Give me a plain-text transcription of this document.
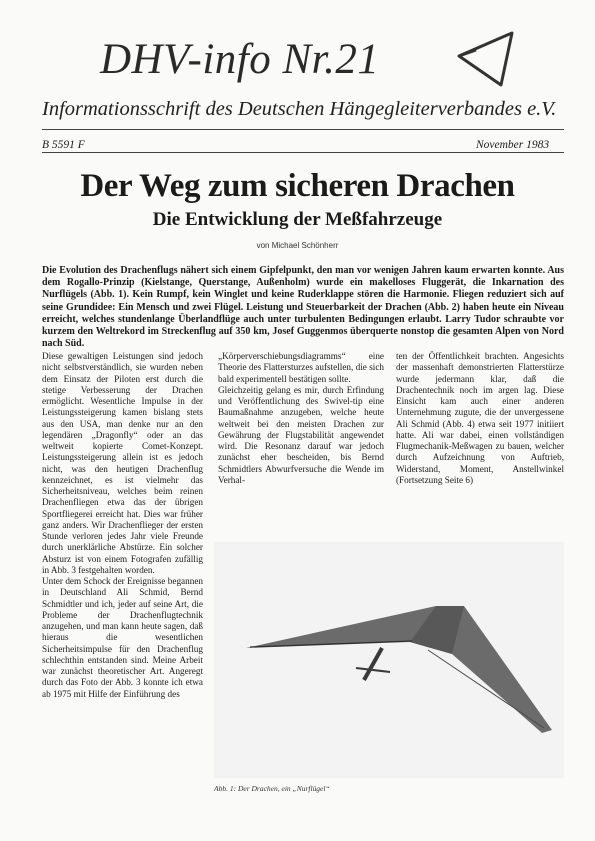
DHV-info Nr.21
Informationsschrift des Deutschen Hängegleiterverbandes e.V.
B 5591 F	November 1983
Der Weg zum sicheren Drachen
Die Entwicklung der Meßfahrzeuge
von Michael Schönherr
Die Evolution des Drachenflugs nähert sich einem Gipfelpunkt, den man vor wenigen Jahren kaum erwarten konnte. Aus dem Rogallo-Prinzip (Kielstange, Querstange, Außenholm) wurde ein makelloses Fluggerät, die Inkarnation des Nurflügels (Abb. 1). Kein Rumpf, kein Winglet und keine Ruderklappe stören die Harmonie. Fliegen reduziert sich auf seine Grundidee: Ein Mensch und zwei Flügel. Leistung und Steuerbarkeit der Drachen (Abb. 2) haben heute ein Niveau erreicht, welches stundenlange Überlandflüge auch unter turbulenten Bedingungen erlaubt. Larry Tudor schraubte vor kurzem den Weltrekord im Streckenflug auf 350 km, Josef Guggenmos überquerte nonstop die gesamten Alpen von Nord nach Süd.
Diese gewaltigen Leistungen sind jedoch nicht selbstverständlich, sie wurden neben dem Einsatz der Piloten erst durch die stetige Verbesserung der Drachen ermöglicht. Wesentliche Impulse in der Leistungssteigerung kamen bislang stets aus den USA, man denke nur an den legendären „Dragonfly“ oder an das weltweit kopierte Comet-Konzept. Leistungssteigerung allein ist es jedoch nicht, was den heutigen Drachenflug kennzeichnet, es ist vielmehr das Sicherheitsniveau, welches beim reinen Drachenfliegen etwa das der übrigen Sportfliegerei erreicht hat. Dies war früher ganz anders. Wir Drachenflieger der ersten Stunde verloren jedes Jahr viele Freunde durch unerklärliche Abstürze. Ein solcher Absturz ist von einem Fotografen zufällig in Abb. 3 festgehalten worden.
Unter dem Schock der Ereignisse begannen in Deutschland Ali Schmid, Bernd Schmidtler und ich, jeder auf seine Art, die Probleme der Drachenflugtechnik anzugehen, und man kann heute sagen, daß hieraus die wesentlichen Sicherheitsimpulse für den Drachenflug schlechthin entstanden sind. Meine Arbeit war zunächst theoretischer Art. Angeregt durch das Foto der Abb. 3 konnte ich etwa ab 1975 mit Hilfe der Einführung des
„Körperverschiebungsdiagramms“ eine Theorie des Flattersturzes aufstellen, die sich bald experimentell bestätigen sollte.
Gleichzeitig gelang es mir, durch Erfindung und Veröffentlichung des Swivel-tip eine Baumaßnahme anzugeben, welche heute weltweit bei den meisten Drachen zur Gewährung der Flugstabilität angewendet wird. Die Resonanz darauf war jedoch zunächst eher bescheiden, bis Bernd Schmidtlers Abwurfversuche die Wende im Verhal-
ten der Öffentlichkeit brachten. Angesichts der massenhaft demonstrierten Flatterstürze wurde jedermann klar, daß die Drachentechnik noch im argen lag. Diese Einsicht kam auch einer anderen Unternehmung zugute, die der unvergessene Ali Schmid (Abb. 4) etwa seit 1977 initiiert hatte. Ali war dabei, einen vollständigen Flugmechanik-Meßwagen zu bauen, welcher durch Aufzeichnung von Auftrieb, Widerstand, Moment, Anstellwinkel (Fortsetzung Seite 6)
Abb. 1: Der Drachen, ein „Nurflügel“
